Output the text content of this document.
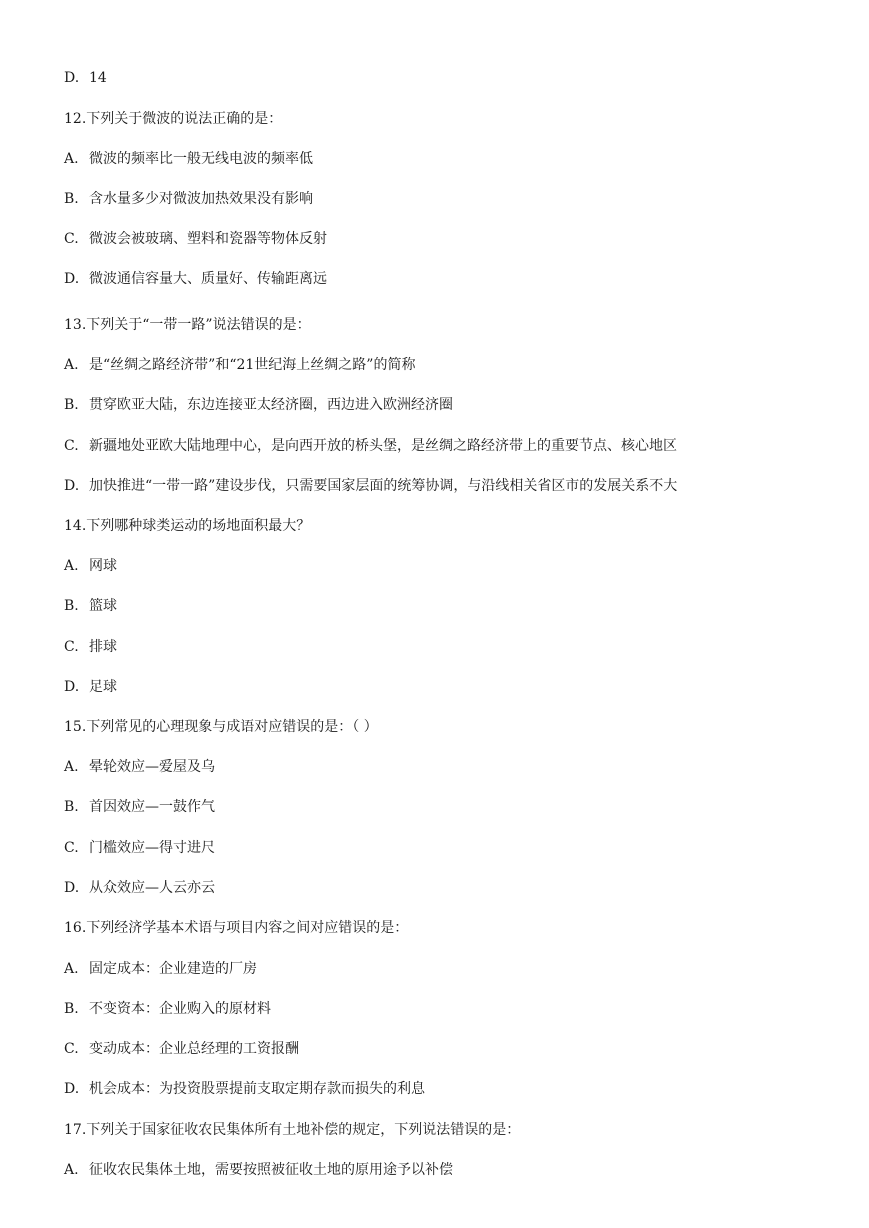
D. 14
12.下列关于微波的说法正确的是：
A. 微波的频率比一般无线电波的频率低
B. 含水量多少对微波加热效果没有影响
C. 微波会被玻璃、塑料和瓷器等物体反射
D. 微波通信容量大、质量好、传输距离远
13.下列关于“一带一路”说法错误的是：
A. 是“丝绸之路经济带”和“21世纪海上丝绸之路”的简称
B. 贯穿欧亚大陆，东边连接亚太经济圈，西边进入欧洲经济圈
C. 新疆地处亚欧大陆地理中心，是向西开放的桥头堡，是丝绸之路经济带上的重要节点、核心地区
D. 加快推进“一带一路”建设步伐，只需要国家层面的统筹协调，与沿线相关省区市的发展关系不大
14.下列哪种球类运动的场地面积最大？
A. 网球
B. 篮球
C. 排球
D. 足球
15.下列常见的心理现象与成语对应错误的是：（ ）
A. 晕轮效应—爱屋及乌
B. 首因效应—一鼓作气
C. 门槛效应—得寸进尺
D. 从众效应—人云亦云
16.下列经济学基本术语与项目内容之间对应错误的是：
A. 固定成本：企业建造的厂房
B. 不变资本：企业购入的原材料
C. 变动成本：企业总经理的工资报酬
D. 机会成本：为投资股票提前支取定期存款而损失的利息
17.下列关于国家征收农民集体所有土地补偿的规定，下列说法错误的是：
A. 征收农民集体土地，需要按照被征收土地的原用途予以补偿
